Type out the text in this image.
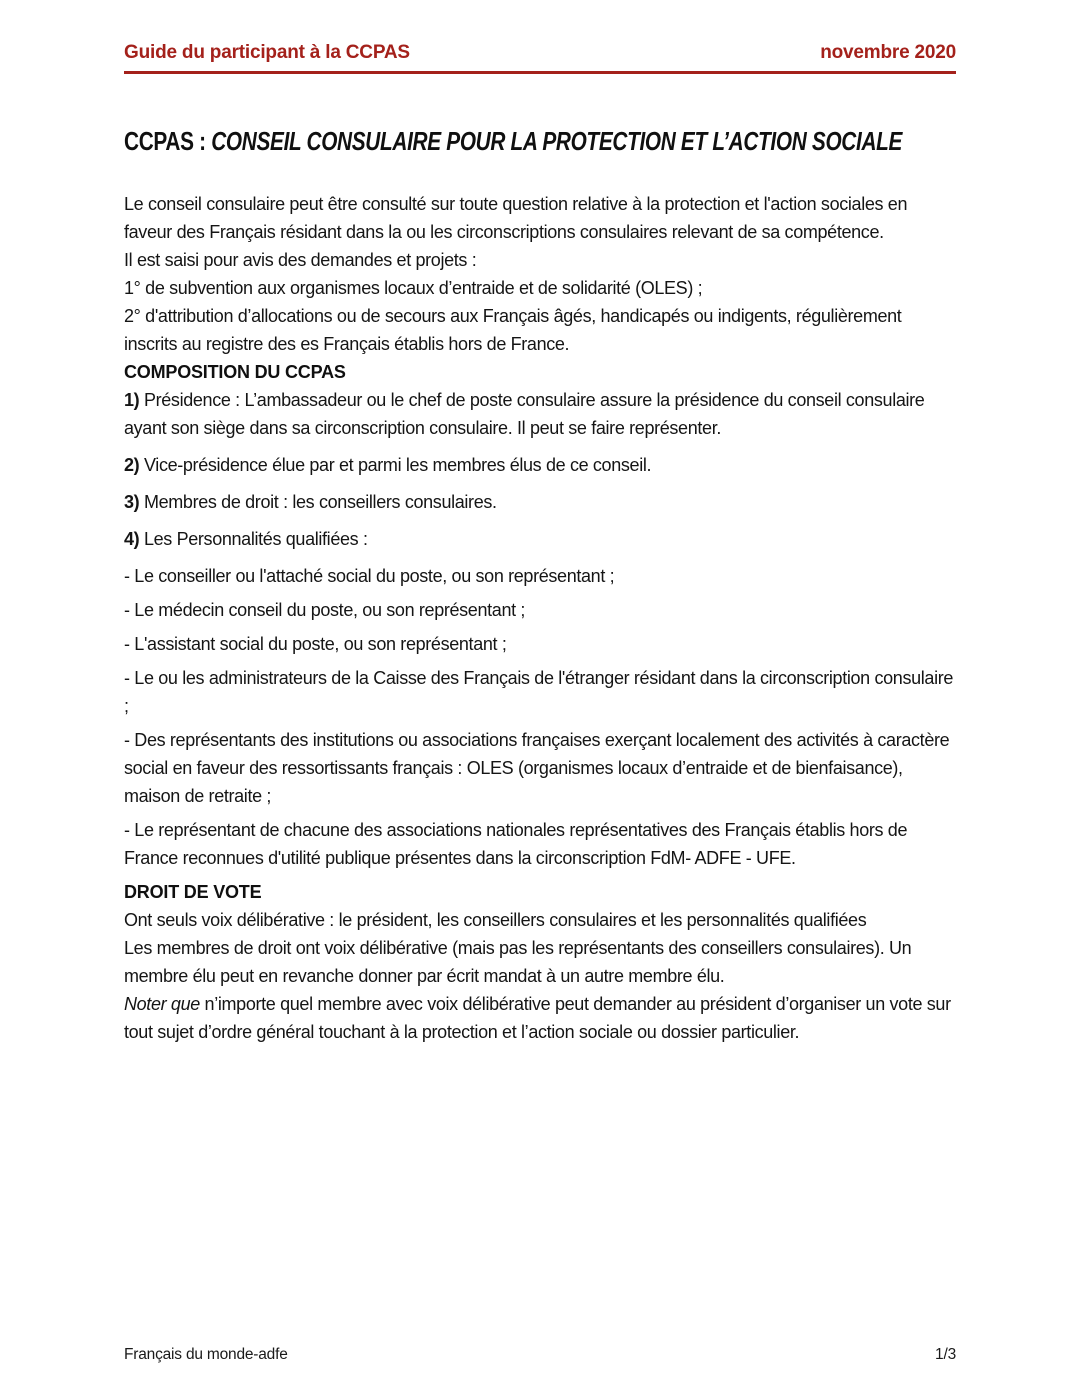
Guide du participant à la CCPAS	novembre 2020
CCPAS : CONSEIL CONSULAIRE POUR LA PROTECTION ET L’ACTION SOCIALE

Le conseil consulaire peut être consulté sur toute question relative à la protection et l'action sociales en faveur des Français résidant dans la ou les circonscriptions consulaires relevant de sa compétence.

Il est saisi pour avis des demandes et projets :

1° de subvention aux organismes locaux d’entraide et de solidarité (OLES) ;

2° d'attribution d’allocations ou de secours aux Français âgés, handicapés ou indigents, régulièrement inscrits au registre des es Français établis hors de France.

COMPOSITION DU CCPAS

1) Présidence : L’ambassadeur ou le chef de poste consulaire assure la présidence du conseil consulaire ayant son siège dans sa circonscription consulaire. Il peut se faire représenter.

2) Vice-présidence élue par et parmi les membres élus de ce conseil.

3) Membres de droit : les conseillers consulaires.

4) Les Personnalités qualifiées :

- Le conseiller ou l'attaché social du poste, ou son représentant ;

- Le médecin conseil du poste, ou son représentant ;

- L'assistant social du poste, ou son représentant ;

- Le ou les administrateurs de la Caisse des Français de l'étranger résidant dans la circonscription consulaire ;

- Des représentants des institutions ou associations françaises exerçant localement des activités à caractère social en faveur des ressortissants français : OLES (organismes locaux d’entraide et de bienfaisance), maison de retraite ;

- Le représentant de chacune des associations nationales représentatives des Français établis hors de France reconnues d'utilité publique présentes dans la circonscription FdM- ADFE - UFE.

DROIT DE VOTE

Ont seuls voix délibérative : le président, les conseillers consulaires et les personnalités qualifiées

Les membres de droit ont voix délibérative (mais pas les représentants des conseillers consulaires). Un membre élu peut en revanche donner par écrit mandat à un autre membre élu.

Noter que n’importe quel membre avec voix délibérative peut demander au président d’organiser un vote sur tout sujet d’ordre général touchant à la protection et l’action sociale ou dossier particulier.

Français du monde-adfe	1/3
